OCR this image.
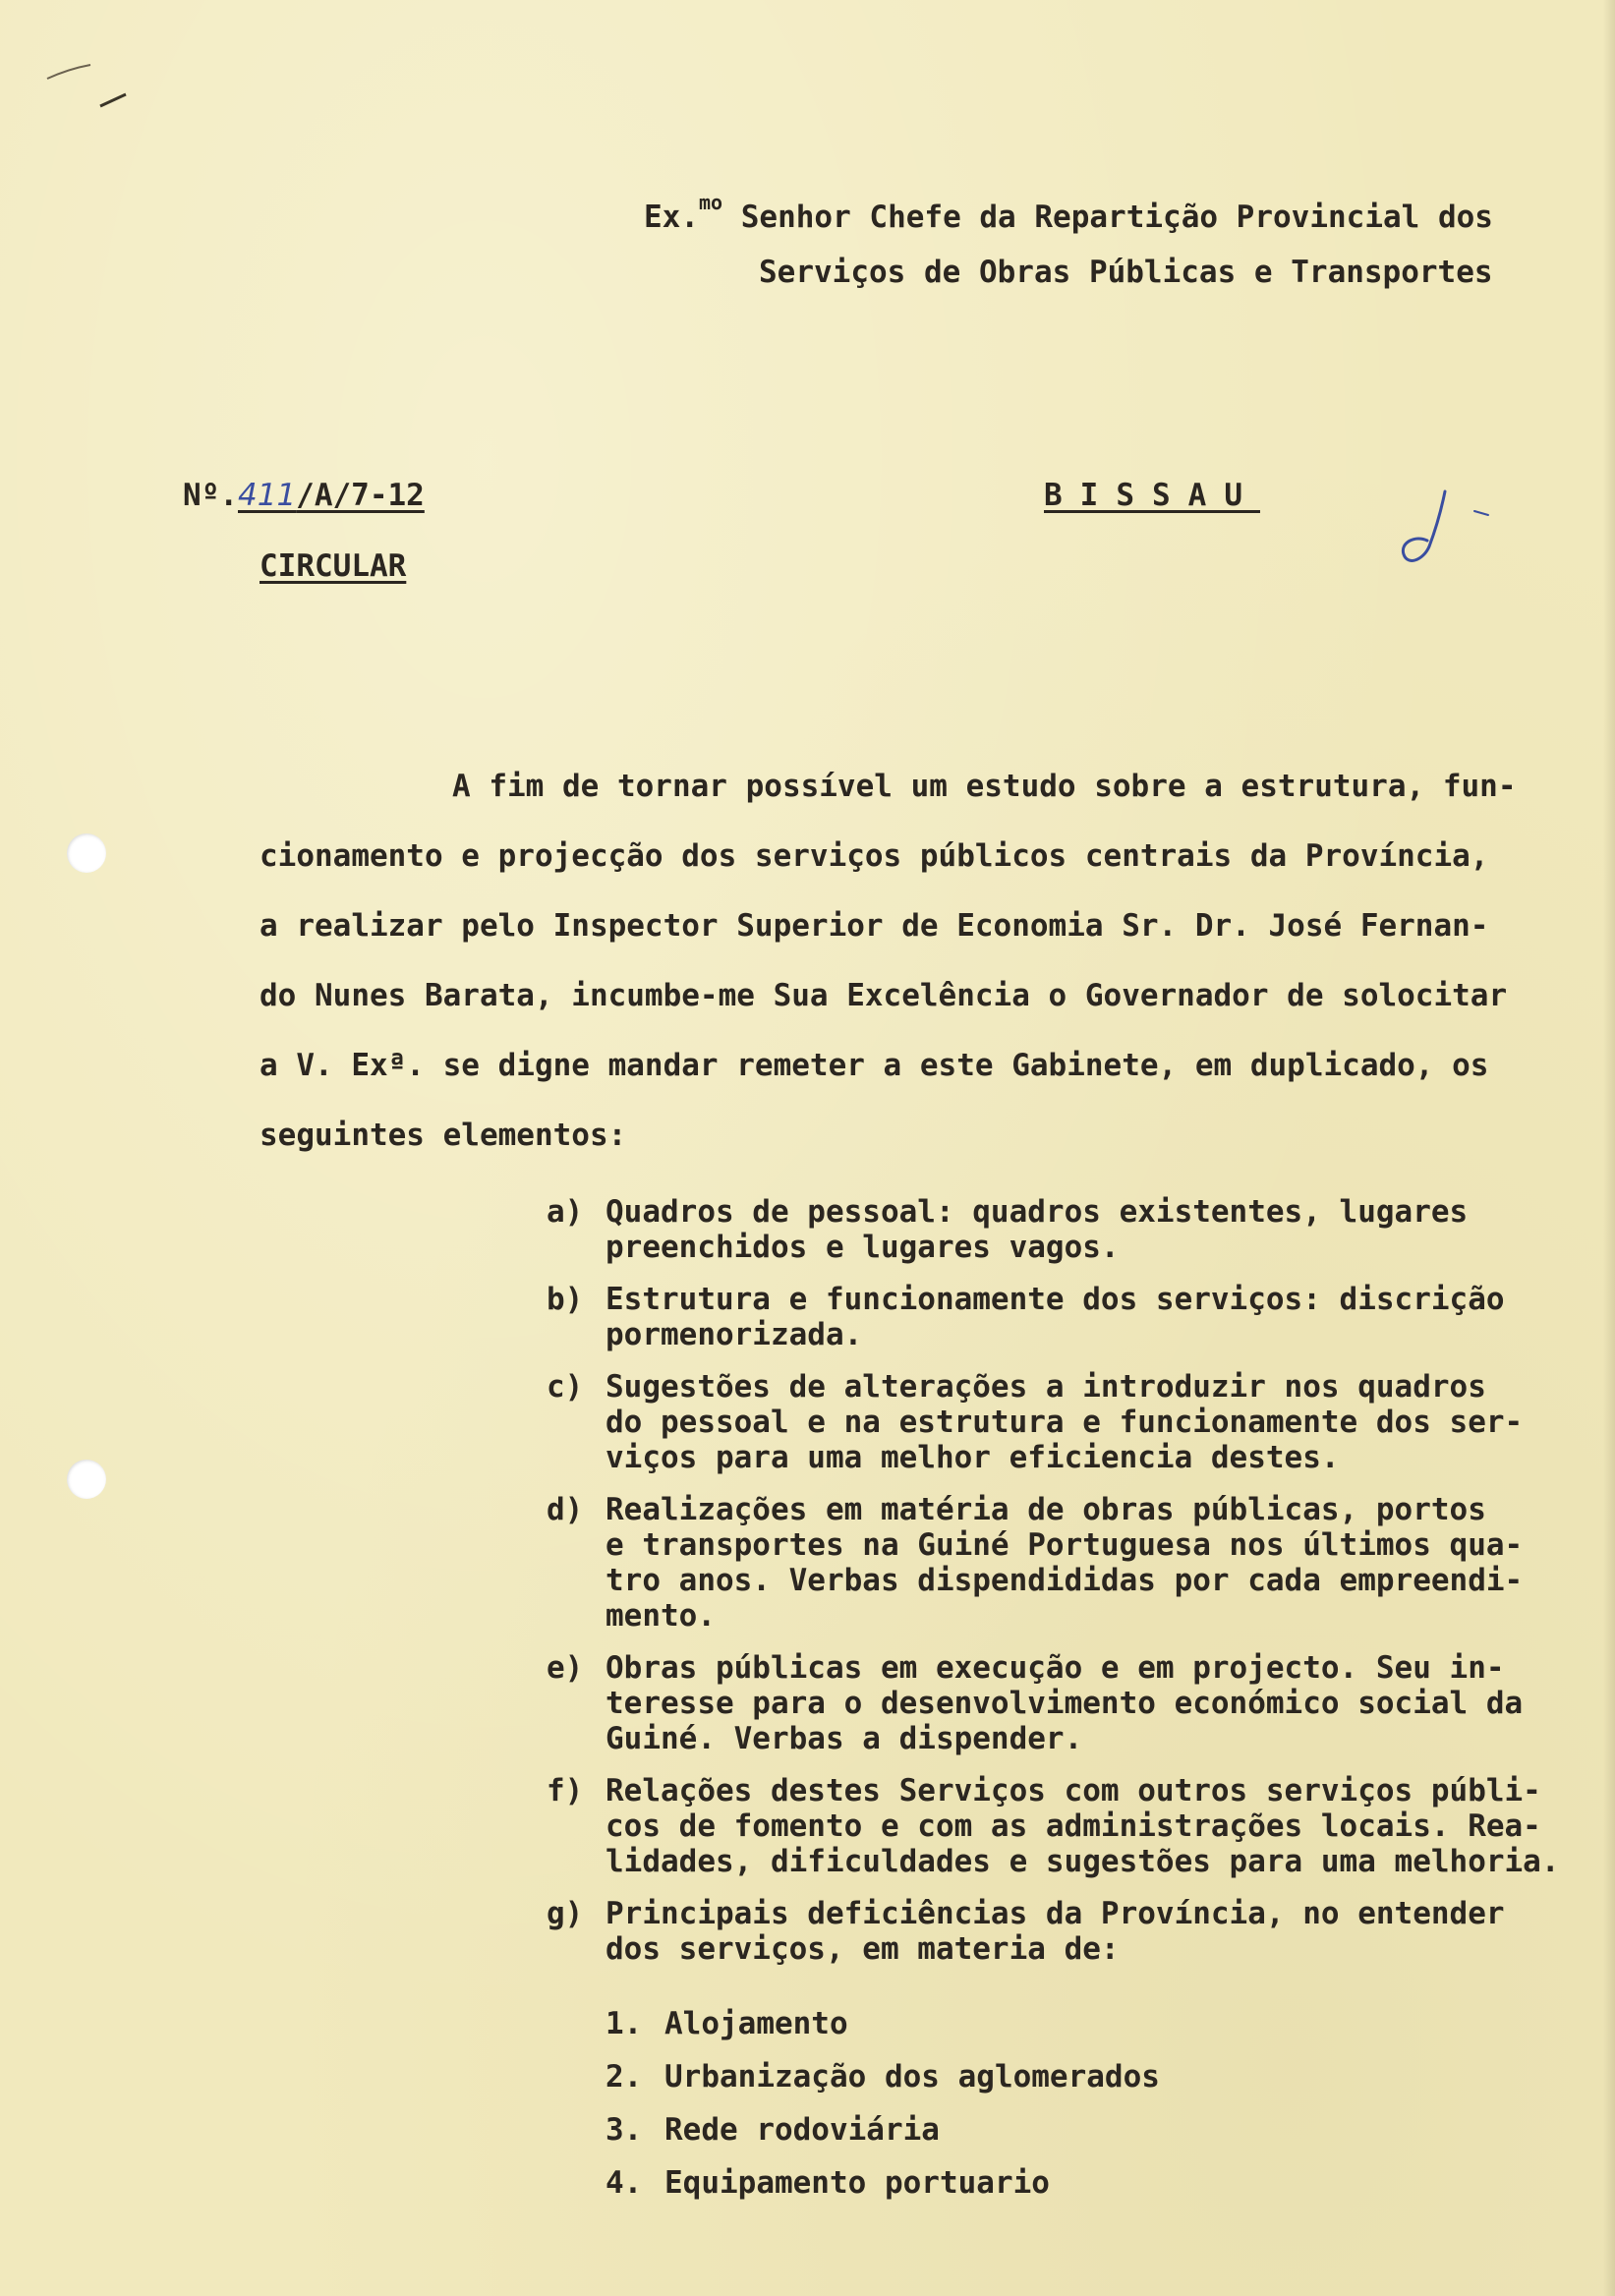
Ex.$^{mo}$ Senhor Chefe da Repartição Provincial dos
Serviços de Obras Públicas e Transportes
Nº.411/A/7-12
CIRCULAR
BISSAU

A fim de tornar possível um estudo sobre a estrutura, fun-

cionamento e projecção dos serviços públicos centrais da Província,

a realizar pelo Inspector Superior de Economia Sr. Dr. José Fernan-

do Nunes Barata, incumbe-me Sua Excelência o Governador de solocitar

a V. Exª. se digne mandar remeter a este Gabinete, em duplicado, os

seguintes elementos:

a) Quadros de pessoal: quadros existentes, lugares

preenchidos e lugares vagos.

b) Estrutura e funcionamente dos serviços: discrição

pormenorizada.

c) Sugestões de alterações a introduzir nos quadros

do pessoal e na estrutura e funcionamente dos ser-

viços para uma melhor eficiencia destes.

d) Realizações em matéria de obras públicas, portos

e transportes na Guiné Portuguesa nos últimos qua-

tro anos. Verbas dispendididas por cada empreendi-

mento.

e) Obras públicas em execução e em projecto. Seu in-

teresse para o desenvolvimento económico social da

Guiné. Verbas a dispender.

f) Relações destes Serviços com outros serviços públi-

cos de fomento e com as administrações locais. Rea-

lidades, dificuldades e sugestões para uma melhoria.

g) Principais deficiências da Província, no entender

dos serviços, em materia de:

1. Alojamento
2. Urbanização dos aglomerados
3. Rede rodoviária
4. Equipamento portuario
